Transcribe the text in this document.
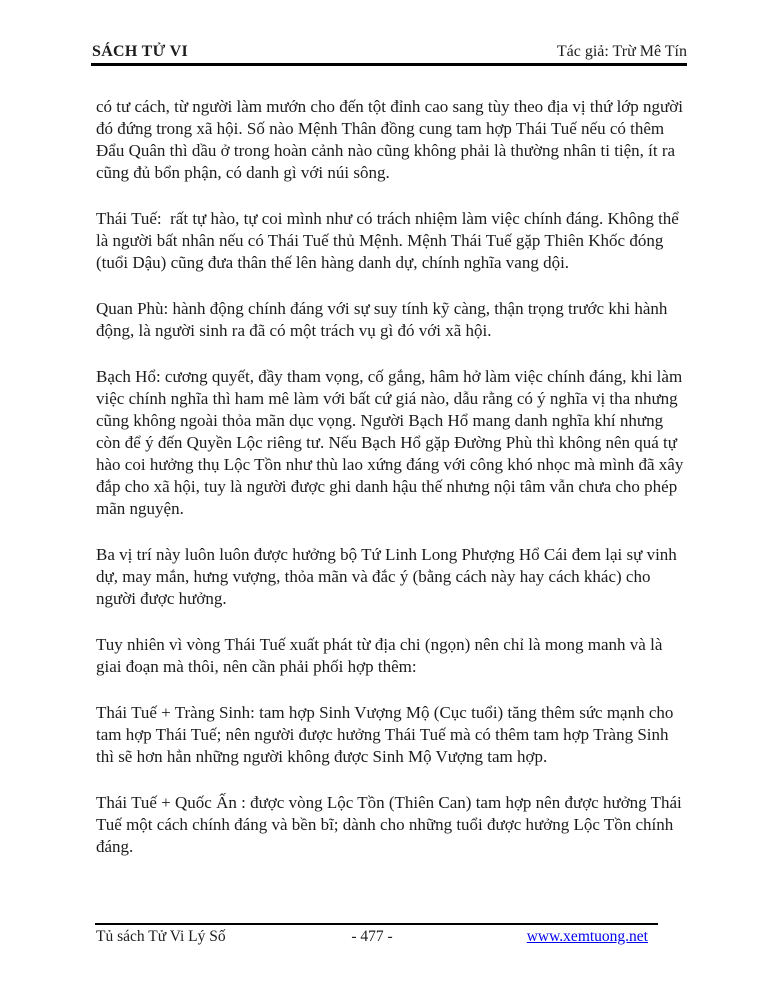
SÁCH TỬ VI	Tác giả: Trừ Mê Tín

có tư cách, từ người làm mướn cho đến tột đỉnh cao sang tùy theo địa vị thứ lớp người đó đứng trong xã hội. Số nào Mệnh Thân đồng cung tam hợp Thái Tuế nếu có thêm Đẩu Quân thì dầu ở trong hoàn cảnh nào cũng không phải là thường nhân ti tiện, ít ra cũng đủ bổn phận, có danh gì với núi sông.

Thái Tuế:  rất tự hào, tự coi mình như có trách nhiệm làm việc chính đáng. Không thể là người bất nhân nếu có Thái Tuế thủ Mệnh. Mệnh Thái Tuế gặp Thiên Khốc đóng (tuổi Dậu) cũng đưa thân thế lên hàng danh dự, chính nghĩa vang dội.

Quan Phù: hành động chính đáng với sự suy tính kỹ càng, thận trọng trước khi hành động, là người sinh ra đã có một trách vụ gì đó với xã hội.

Bạch Hổ: cương quyết, đầy tham vọng, cố gắng, hâm hở làm việc chính đáng, khi làm việc chính nghĩa thì ham mê làm với bất cứ giá nào, dẫu rằng có ý nghĩa vị tha nhưng cũng không ngoài thỏa mãn dục vọng. Người Bạch Hổ mang danh nghĩa khí nhưng còn để ý đến Quyền Lộc riêng tư. Nếu Bạch Hổ gặp Đường Phù thì không nên quá tự hào coi hưởng thụ Lộc Tồn như thù lao xứng đáng với công khó nhọc mà mình đã xây đắp cho xã hội, tuy là người được ghi danh hậu thế nhưng nội tâm vẫn chưa cho phép mãn nguyện.

Ba vị trí này luôn luôn được hưởng bộ Tứ Linh Long Phượng Hổ Cái đem lại sự vinh dự, may mắn, hưng vượng, thỏa mãn và đắc ý (bằng cách này hay cách khác) cho người được hưởng.

Tuy nhiên vì vòng Thái Tuế xuất phát từ địa chi (ngọn) nên chỉ là mong manh và là giai đoạn mà thôi, nên cần phải phối hợp thêm:

Thái Tuế + Tràng Sinh: tam hợp Sinh Vượng Mộ (Cục tuổi) tăng thêm sức mạnh cho tam hợp Thái Tuế; nên người được hưởng Thái Tuế mà có thêm tam hợp Tràng Sinh thì sẽ hơn hẳn những người không được Sinh Mộ Vượng tam hợp.

Thái Tuế + Quốc Ấn : được vòng Lộc Tồn (Thiên Can) tam hợp nên được hưởng Thái Tuế một cách chính đáng và bền bĩ; dành cho những tuổi được hưởng Lộc Tồn chính đáng.

Tủ sách Tử Vi Lý Số	- 477 -	www.xemtuong.net
